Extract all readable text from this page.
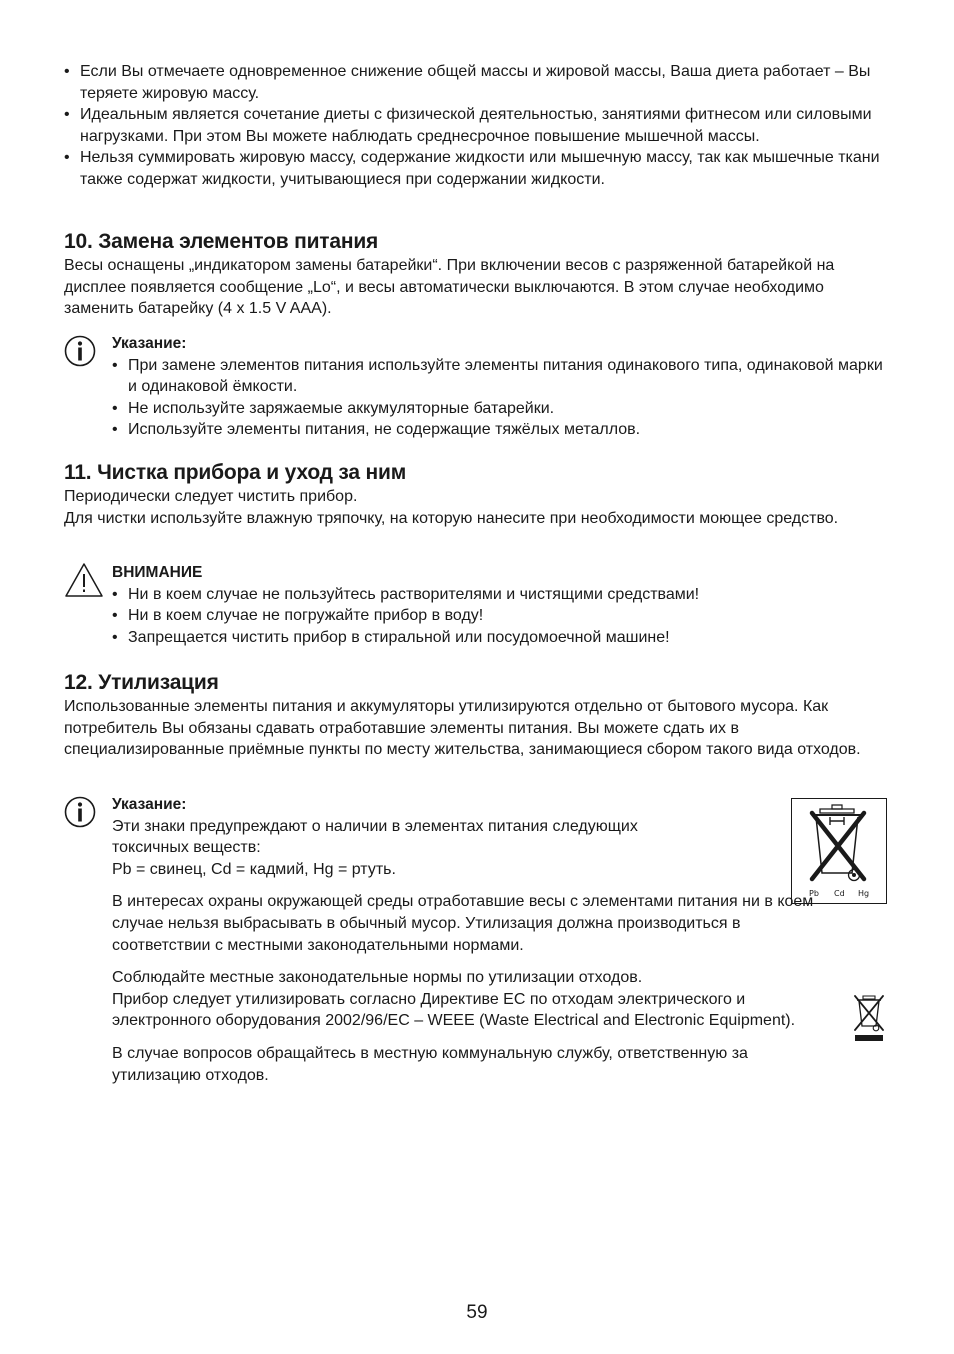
• Если Вы отмечаете одновременное снижение общей массы и жировой массы, Ваша диета работает – Вы теряете жировую массу.
• Идеальным является сочетание диеты с физической деятельностью, занятиями фитнесом или силовыми нагрузками. При этом Вы можете наблюдать среднесрочное повышение мышечной массы.
• Нельзя суммировать жировую массу, содержание жидкости или мышечную массу, так как мышечные ткани также содержат жидкости, учитывающиеся при содержании жидкости.
10. Замена элементов питания

Весы оснащены „индикатором замены батарейки“. При включении весов с разряженной батарейкой на дисплее появляется сообщение „Lo“, и весы автоматически выключаются. В этом случае необходимо заменить батарейку (4 x 1.5 V AAA).

Указание:
• При замене элементов питания используйте элементы питания одинакового типа, одинаковой марки и одинаковой ёмкости.
• Не используйте заряжаемые аккумуляторные батарейки.
• Используйте элементы питания, не содержащие тяжёлых металлов.
11. Чистка прибора и уход за ним

Периодически следует чистить прибор.

Для чистки используйте влажную тряпочку, на которую нанесите при необходимости моющее средство.

ВНИМАНИЕ
• Ни в коем случае не пользуйтесь растворителями и чистящими средствами!
• Ни в коем случае не погружайте прибор в воду!
• Запрещается чистить прибор в стиральной или посудомоечной машине!
12. Утилизация

Использованные элементы питания и аккумуляторы утилизируются отдельно от бытового мусора. Как потребитель Вы обязаны сдавать отработавшие элементы питания. Вы можете сдать их в специализированные приёмные пункты по месту жительства, занимающиеся сбором такого вида отходов.

Указание:

Эти знаки предупреждают о наличии в элементах питания следующих токсичных веществ:

Pb = свинец, Cd = кадмий, Hg = ртуть.

В интересах охраны окружающей среды отработавшие весы с элементами питания ни в коем случае нельзя выбрасывать в обычный мусор. Утилизация должна производиться в соответствии с местными законодательными нормами.

Соблюдайте местные законодательные нормы по утилизации отходов.

Прибор следует утилизировать согласно Директиве ЕС по отходам электрического и электронного оборудования 2002/96/EC – WEEE (Waste Electrical and Electronic Equipment).

В случае вопросов обращайтесь в местную коммунальную службу, ответственную за утилизацию отходов.

Pb Cd Hg
59
